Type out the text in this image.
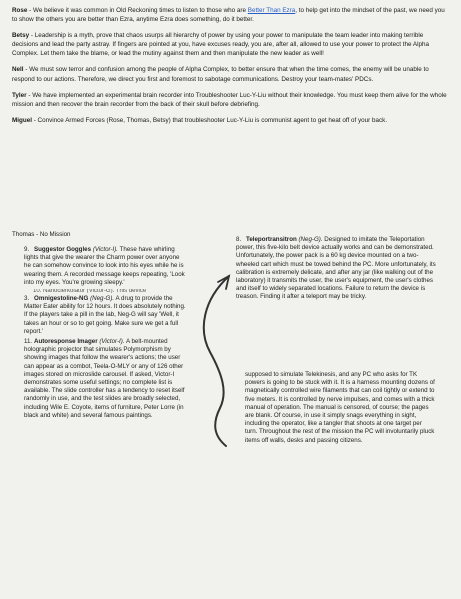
Rose - We believe it was common in Old Reckoning times to listen to those who are Better Than Ezra, to help get into the mindset of the past, we need you to show the others you are better than Ezra, anytime Ezra does something, do it better.

Betsy - Leadership is a myth, prove that chaos usurps all hierarchy of power by using your power to manipulate the team leader into making terrible decisions and lead the party astray. If fingers are pointed at you, have excuses ready, you are, after all, allowed to use your power to protect the Alpha Complex. Let them take the blame, or lead the mutiny against them and then manipulate the new leader as well!

Nell - We must sow terror and confusion among the people of Alpha Complex, to better ensure that when the time comes, the enemy will be unable to respond to our actions. Therefore, we direct you first and foremost to sabotage communications. Destroy your team-mates' PDCs.

Tyler - We have implemented an experimental brain recorder into Troubleshooter Luc-Y-Liu without their knowledge. You must keep them alive for the whole mission and then recover the brain recorder from the back of their skull before debriefing.

Miguel - Convince Armed Forces (Rose, Thomas, Betsy) that troubleshooter Luc-Y-Liu is communist agent to get heat off of your back.

Thomas - No Mission
9. Suggestor Goggles (Victor-I). These have whirling lights that give the wearer the Charm power over anyone he can somehow convince to look into his eyes while he is wearing them. A recorded message keeps repeating, 'Look into my eyes. You're growing sleepy.'
10. Nanoclerkolator (Victor-G). This device
3. Omnigestoline-NG (Neg-G). A drug to provide the Matter Eater ability for 12 hours. It does absolutely nothing. If the players take a pill in the lab, Neg-G will say 'Well, it takes an hour or so to get going. Make sure we get a full report.'
11. Autoresponse Imager (Victor-I). A belt-mounted holographic projector that simulates Polymorphism by showing images that follow the wearer's actions; the user can appear as a combot, Teela-O-MLY or any of 126 other images stored on microslide carousel. If asked, Victor-I demonstrates some useful settings; no complete list is available. The slide controller has a tendency to reset itself randomly in use, and the test slides are broadly selected, including Wile E. Coyote, items of furniture, Peter Lorre (in black and white) and several famous paintings.
8. Teleportransitron (Neg-G). Designed to imitate the Teleportation power, this five-kilo belt device actually works and can be demonstrated. Unfortunately, the power pack is a 60 kg device mounted on a two-wheeled cart which must be towed behind the PC. More unfortunately, its calibration is extremely delicate, and after any jar (like walking out of the laboratory) it transmits the user, the user's equipment, the user's clothes and itself to widely separated locations. Failure to return the device is treason. Finding it after a teleport may be tricky.
supposed to simulate Telekinesis, and any PC who asks for TK powers is going to be stuck with it. It is a harness mounting dozens of magnetically controlled wire filaments that can coil tightly or extend to five meters. It is controlled by nerve impulses, and comes with a thick manual of operation. The manual is censored, of course; the pages are blank. Of course, in use it simply snags everything in sight, including the operator, like a tangler that shoots at one target per turn. Throughout the rest of the mission the PC will involuntarily pluck items off walls, desks and passing citizens.
